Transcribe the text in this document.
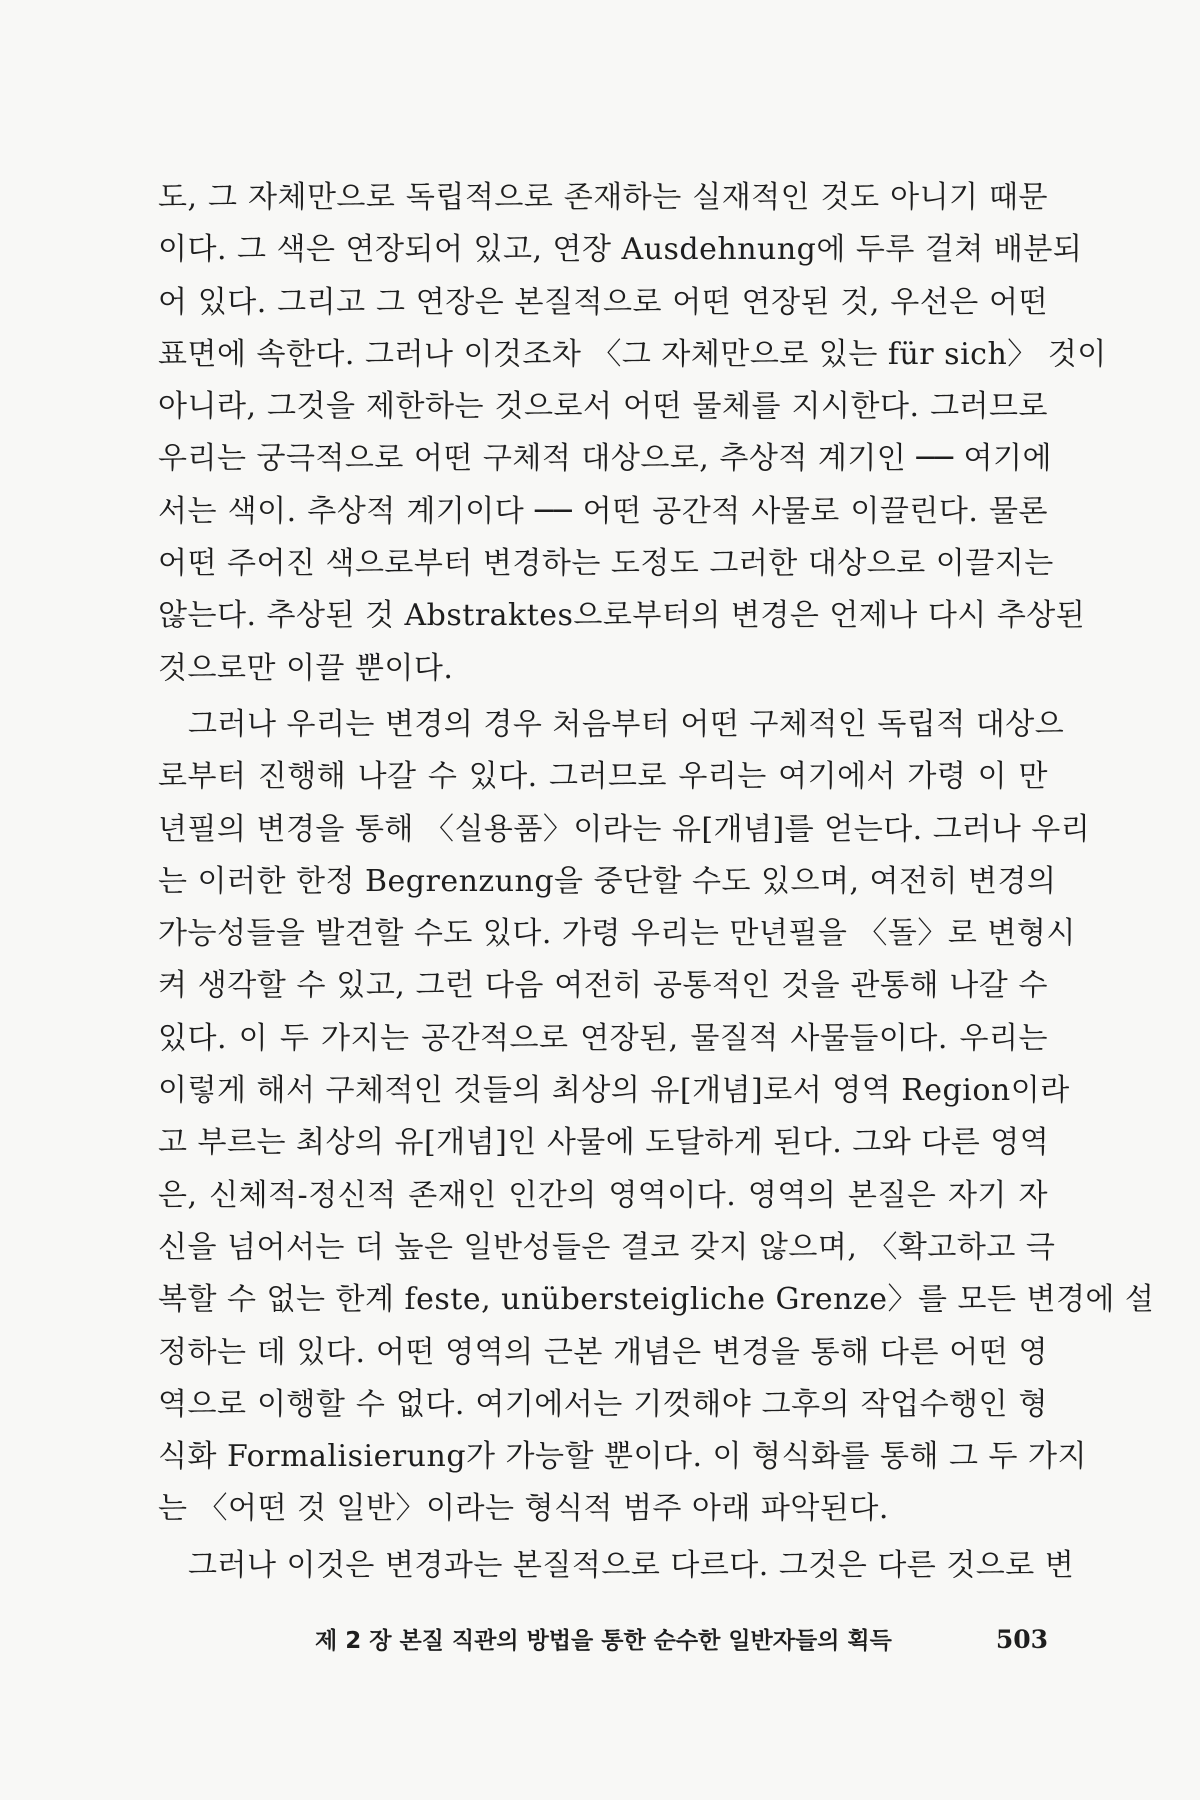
도, 그 자체만으로 독립적으로 존재하는 실재적인 것도 아니기 때문
이다. 그 색은 연장되어 있고, 연장 Ausdehnung에 두루 걸쳐 배분되
어 있다. 그리고 그 연장은 본질적으로 어떤 연장된 것, 우선은 어떤
표면에 속한다. 그러나 이것조차 〈그 자체만으로 있는 für sich〉 것이
아니라, 그것을 제한하는 것으로서 어떤 물체를 지시한다. 그러므로
우리는 궁극적으로 어떤 구체적 대상으로, 추상적 계기인 ── 여기에
서는 색이. 추상적 계기이다 ── 어떤 공간적 사물로 이끌린다. 물론
어떤 주어진 색으로부터 변경하는 도정도 그러한 대상으로 이끌지는
않는다. 추상된 것 Abstraktes으로부터의 변경은 언제나 다시 추상된
것으로만 이끌 뿐이다.
그러나 우리는 변경의 경우 처음부터 어떤 구체적인 독립적 대상으
로부터 진행해 나갈 수 있다. 그러므로 우리는 여기에서 가령 이 만
년필의 변경을 통해 〈실용품〉이라는 유[개념]를 얻는다. 그러나 우리
는 이러한 한정 Begrenzung을 중단할 수도 있으며, 여전히 변경의
가능성들을 발견할 수도 있다. 가령 우리는 만년필을 〈돌〉로 변형시
켜 생각할 수 있고, 그런 다음 여전히 공통적인 것을 관통해 나갈 수
있다. 이 두 가지는 공간적으로 연장된, 물질적 사물들이다. 우리는
이렇게 해서 구체적인 것들의 최상의 유[개념]로서 영역 Region이라
고 부르는 최상의 유[개념]인 사물에 도달하게 된다. 그와 다른 영역
은, 신체적-정신적 존재인 인간의 영역이다. 영역의 본질은 자기 자
신을 넘어서는 더 높은 일반성들은 결코 갖지 않으며, 〈확고하고 극
복할 수 없는 한계 feste, unübersteigliche Grenze〉를 모든 변경에 설
정하는 데 있다. 어떤 영역의 근본 개념은 변경을 통해 다른 어떤 영
역으로 이행할 수 없다. 여기에서는 기껏해야 그후의 작업수행인 형
식화 Formalisierung가 가능할 뿐이다. 이 형식화를 통해 그 두 가지
는 〈어떤 것 일반〉이라는 형식적 범주 아래 파악된다.
그러나 이것은 변경과는 본질적으로 다르다. 그것은 다른 것으로 변
제 2 장 본질 직관의 방법을 통한 순수한 일반자들의 획득	503
